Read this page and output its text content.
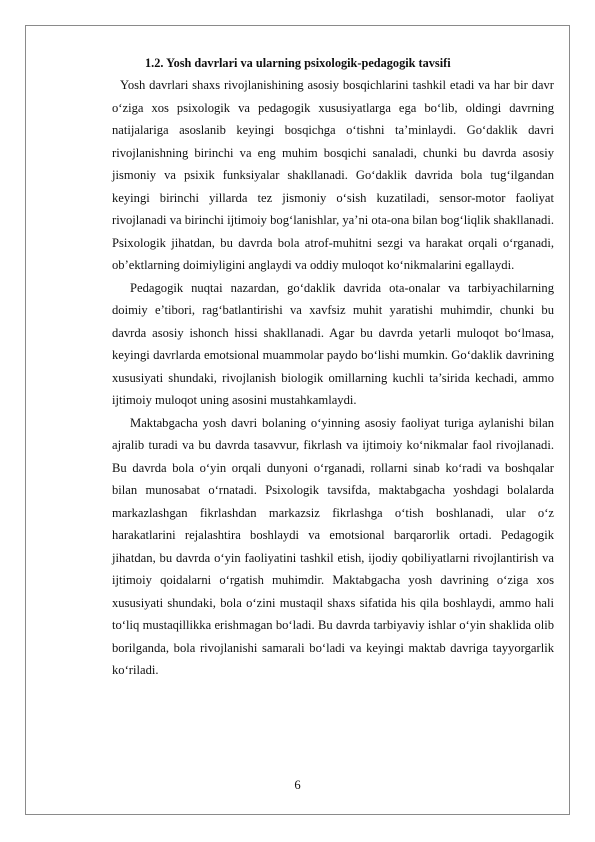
1.2. Yosh davrlari va ularning psixologik-pedagogik tavsifi

Yosh davrlari shaxs rivojlanishining asosiy bosqichlarini tashkil etadi va har bir davr o‘ziga xos psixologik va pedagogik xususiyatlarga ega bo‘lib, oldingi davrning natijalariga asoslanib keyingi bosqichga o‘tishni ta’minlaydi. Go‘daklik davri rivojlanishning birinchi va eng muhim bosqichi sanaladi, chunki bu davrda asosiy jismoniy va psixik funksiyalar shakllanadi. Go‘daklik davrida bola tug‘ilgandan keyingi birinchi yillarda tez jismoniy o‘sish kuzatiladi, sensor-motor faoliyat rivojlanadi va birinchi ijtimoiy bog‘lanishlar, ya’ni ota-ona bilan bog‘liqlik shakllanadi. Psixologik jihatdan, bu davrda bola atrof-muhitni sezgi va harakat orqali o‘rganadi, ob’ektlarning doimiyligini anglaydi va oddiy muloqot ko‘nikmalarini egallaydi.

Pedagogik nuqtai nazardan, go‘daklik davrida ota-onalar va tarbiyachilarning doimiy e’tibori, rag‘batlantirishi va xavfsiz muhit yaratishi muhimdir, chunki bu davrda asosiy ishonch hissi shakllanadi. Agar bu davrda yetarli muloqot bo‘lmasa, keyingi davrlarda emotsional muammolar paydo bo‘lishi mumkin. Go‘daklik davrining xususiyati shundaki, rivojlanish biologik omillarning kuchli ta’sirida kechadi, ammo ijtimoiy muloqot uning asosini mustahkamlaydi.

Maktabgacha yosh davri bolaning o‘yinning asosiy faoliyat turiga aylanishi bilan ajralib turadi va bu davrda tasavvur, fikrlash va ijtimoiy ko‘nikmalar faol rivojlanadi. Bu davrda bola o‘yin orqali dunyoni o‘rganadi, rollarni sinab ko‘radi va boshqalar bilan munosabat o‘rnatadi. Psixologik tavsifda, maktabgacha yoshdagi bolalarda markazlashgan fikrlashdan markazsiz fikrlashga o‘tish boshlanadi, ular o‘z harakatlarini rejalashtira boshlaydi va emotsional barqarorlik ortadi. Pedagogik jihatdan, bu davrda o‘yin faoliyatini tashkil etish, ijodiy qobiliyatlarni rivojlantirish va ijtimoiy qoidalarni o‘rgatish muhimdir. Maktabgacha yosh davrining o‘ziga xos xususiyati shundaki, bola o‘zini mustaqil shaxs sifatida his qila boshlaydi, ammo hali to‘liq mustaqillikka erishmagan bo‘ladi. Bu davrda tarbiyaviy ishlar o‘yin shaklida olib borilganda, bola rivojlanishi samarali bo‘ladi va keyingi maktab davriga tayyorgarlik ko‘riladi.

6
